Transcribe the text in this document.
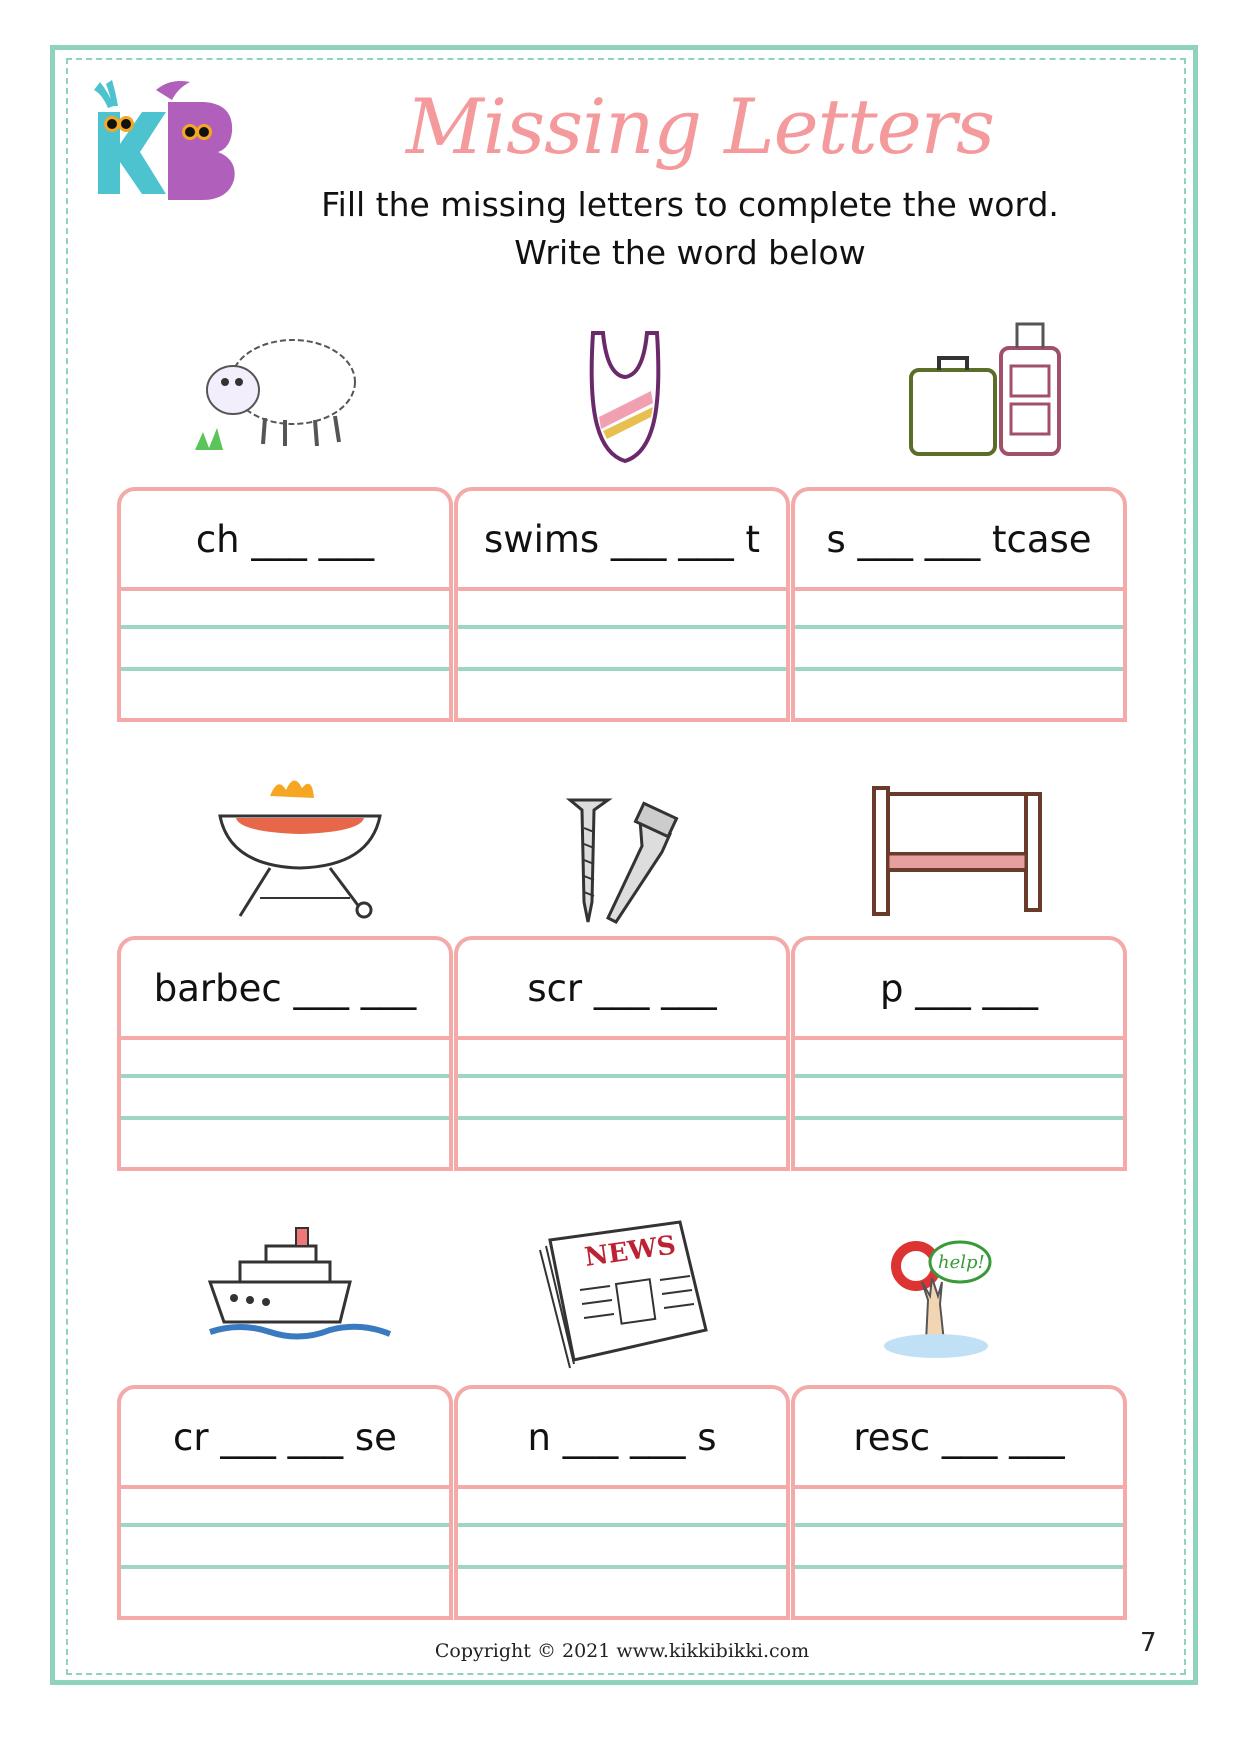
Missing Letters
Fill the missing letters to complete the word.
Write the word below
NEWS	help!
ch ___ ___	swims ___ ___ t	s ___ ___ tcase
barbec ___ ___	scr ___ ___	p ___ ___
cr ___ ___ se	n ___ ___ s	resc ___ ___
Copyright © 2021 www.kikkibikki.com	7
